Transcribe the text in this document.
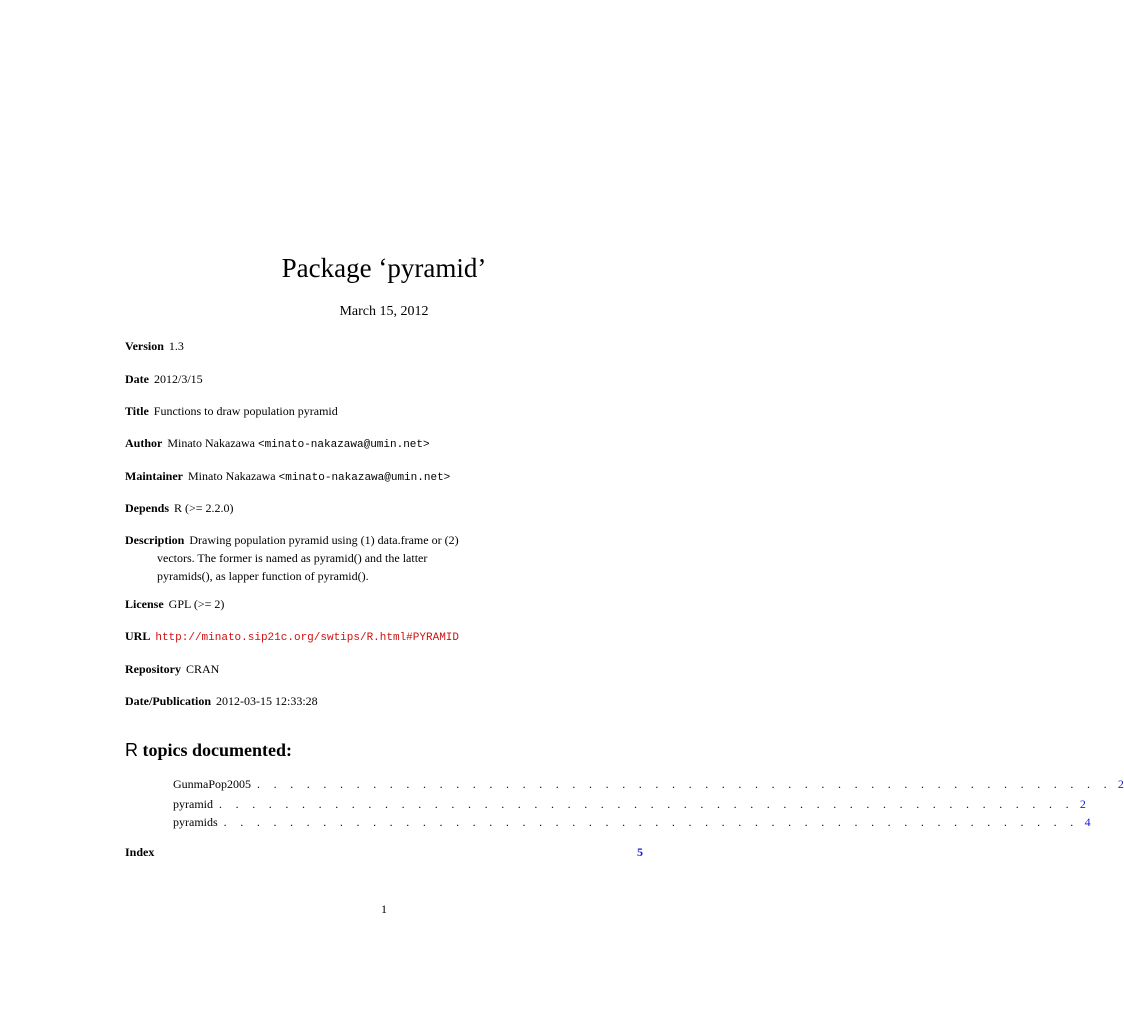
Package ‘pyramid’
March 15, 2012
Version 1.3
Date 2012/3/15
Title Functions to draw population pyramid
Author Minato Nakazawa <minato-nakazawa@umin.net>
Maintainer Minato Nakazawa <minato-nakazawa@umin.net>
Depends R (>= 2.2.0)
Description Drawing population pyramid using (1) data.frame or (2)
vectors. The former is named as pyramid() and the latter
pyramids(), as lapper function of pyramid().
License GPL (>= 2)
URL http://minato.sip21c.org/swtips/R.html#PYRAMID
Repository CRAN
Date/Publication 2012-03-15 12:33:28
R topics documented:
GunmaPop2005 . . . . . . . . . . . . . . . . . . . . . . . . . . . . . . . . . . . . . . . . . . . . . . . . . . . . 2
pyramid . . . . . . . . . . . . . . . . . . . . . . . . . . . . . . . . . . . . . . . . . . . . . . . . . . . . 2
pyramids . . . . . . . . . . . . . . . . . . . . . . . . . . . . . . . . . . . . . . . . . . . . . . . . . . . . 4
Index	5
1
